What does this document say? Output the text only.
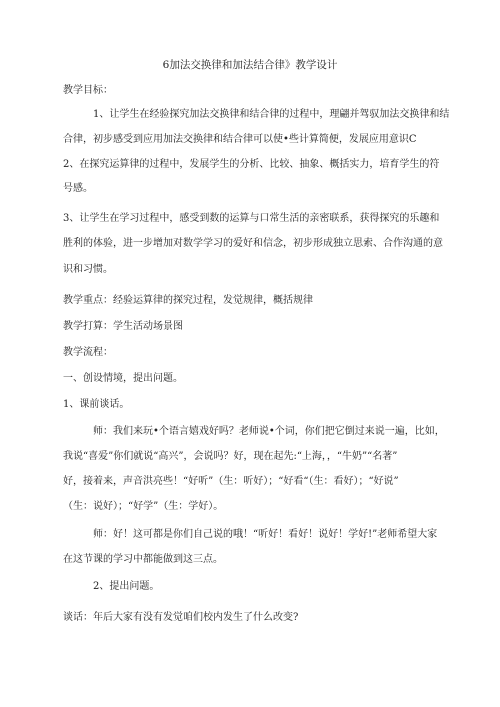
6加法交换律和加法结合律》教学设计

教学目标：

1、让学生在经验探究加法交换律和结合律的过程中，理翩并驾驭加法交换律和结

合律，初步感受到应用加法交换律和结合律可以使•些计算简便，发展应用意识C

2、在探究运算律的过程中，发展学生的分析、比较、抽象、概括实力，培育学生的符

号感。

3、让学生在学习过程中，感受到数的运算与口常生活的亲密联系，获得探究的乐趣和

胜利的体验，进一步增加对数学学习的爱好和信念，初步形成独立思索、合作沟通的意

识和习惯。

教学重点：经验运算律的探究过程，发觉规律，概括规律

教学打算：学生活动场景图

教学流程：

一、创设情境，提出问题。

1、课前谈话。

师：我们来玩•个语言嬉戏好吗？老师说•个词，你们把它倒过来说一遍，比如，

我说“喜爱”你们就说“高兴”，会说吗？好，现在起先:“上海，，“牛奶”“名著”

好，接着来，声音洪亮些！“好听”（生：听好）；“好看“（生：看好）；“好说”

（生：说好）；“好学”（生：学好）。

师：好！这可都是你们自己说的哦！“听好！看好！说好！学好!”老师希望大家

在这节课的学习中都能做到这三点。

2、提出问题。

谈话：年后大家有没有发觉咱们校内发生了什么改变?
